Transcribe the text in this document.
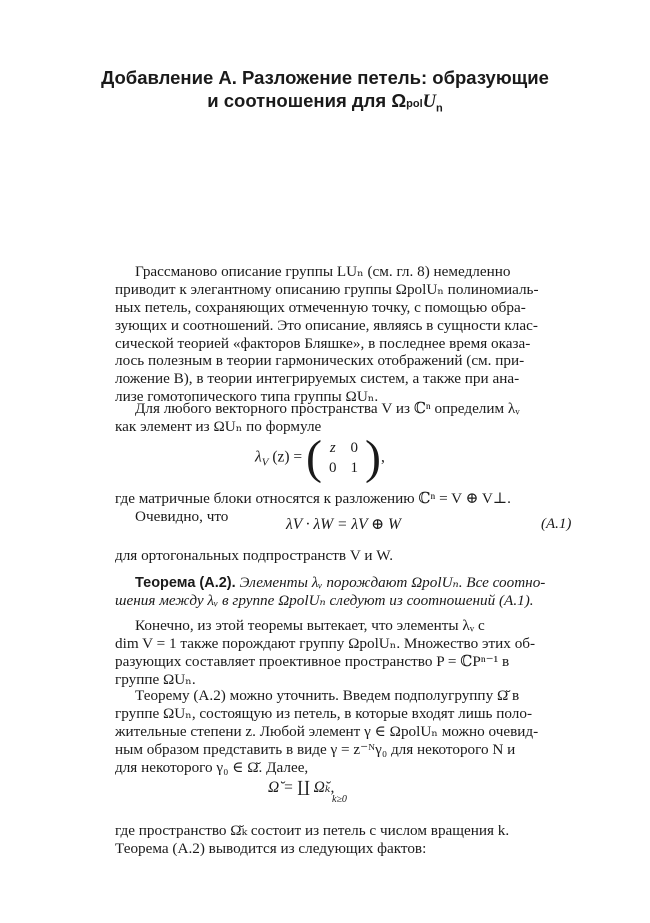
Добавление А. Разложение петель: образующие
и соотношения для ΩpolU$_n$
Грассманово описание группы LUₙ (см. гл. 8) немедленно
приводит к элегантному описанию группы ΩpolUₙ полиномиаль-
ных петель, сохраняющих отмеченную точку, с помощью обра-
зующих и соотношений. Это описание, являясь в сущности клас-
сической теорией «факторов Бляшке», в последнее время оказа-
лось полезным в теории гармонических отображений (см. при-
ложение В), в теории интегрируемых систем, а также при ана-
лизе гомотопического типа группы ΩUₙ.
Для любого векторного пространства V из ℂⁿ определим λᵥ
как элемент из ΩUₙ по формуле
$\lambda_V$ (z) = ( z	0
0	1 ),
где матричные блоки относятся к разложению ℂⁿ = V ⊕ V⊥.
Очевидно, что	λV · λW = λV ⊕ W	(A.1)
для ортогональных подпространств V и W.
Теорема (А.2). Элементы λᵥ порождают ΩpolUₙ. Все соотно-
шения между λᵥ в группе ΩpolUₙ следуют из соотношений (А.1).
Конечно, из этой теоремы вытекает, что элементы λᵥ с
dim V = 1 также порождают группу ΩpolUₙ. Множество этих об-
разующих составляет проективное пространство P = ℂPⁿ⁻¹ в
группе ΩUₙ.
Теорему (А.2) можно уточнить. Введем подполугруппу Ω̆ в
группе ΩUₙ, состоящую из петель, в которые входят лишь поло-
жительные степени z. Любой элемент γ ∈ ΩpolUₙ можно очевид-
ным образом представить в виде γ = z⁻ᴺγ₀ для некоторого N и
для некоторого γ₀ ∈ Ω̆. Далее,
Ω̆ = ∐ Ω̆ₖ,
k≥0
где пространство Ω̆ₖ состоит из петель с числом вращения k.
Теорема (А.2) выводится из следующих фактов:
